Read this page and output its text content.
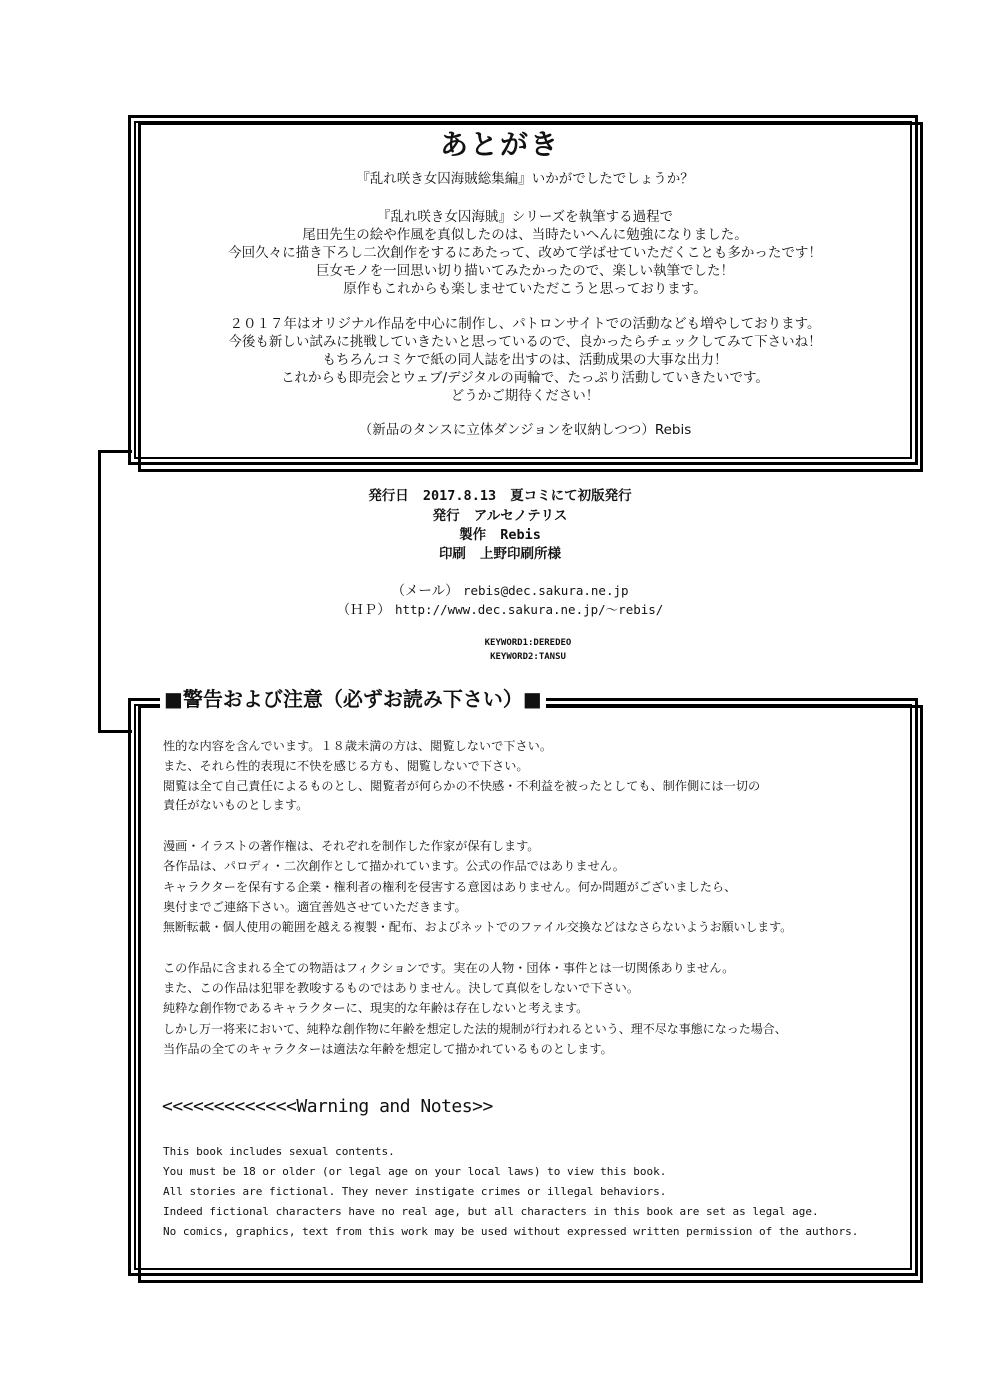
あとがき
『乱れ咲き女囚海賊総集編』いかがでしたでしょうか？
『乱れ咲き女囚海賊』シリーズを執筆する過程で
尾田先生の絵や作風を真似したのは、当時たいへんに勉強になりました。
今回久々に描き下ろし二次創作をするにあたって、改めて学ばせていただくことも多かったです！
巨女モノを一回思い切り描いてみたかったので、楽しい執筆でした！
原作もこれからも楽しませていただこうと思っております。
２０１７年はオリジナル作品を中心に制作し、パトロンサイトでの活動なども増やしております。
今後も新しい試みに挑戦していきたいと思っているので、良かったらチェックしてみて下さいね！
もちろんコミケで紙の同人誌を出すのは、活動成果の大事な出力！
これからも即売会とウェブ/デジタルの両輪で、たっぷり活動していきたいです。
どうかご期待ください！
（新品のタンスに立体ダンジョンを収納しつつ）Rebis
発行日 2017.8.13 夏コミにて初版発行
発行 アルセノテリス
製作 Rebis
印刷 上野印刷所様
（メール） rebis@dec.sakura.ne.jp
（ＨＰ） http://www.dec.sakura.ne.jp/～rebis/
KEYWORD1:DEREDEO
KEYWORD2:TANSU
■警告および注意（必ずお読み下さい）■
性的な内容を含んでいます。１８歳未満の方は、閲覧しないで下さい。
また、それら性的表現に不快を感じる方も、閲覧しないで下さい。
閲覧は全て自己責任によるものとし、閲覧者が何らかの不快感・不利益を被ったとしても、制作側には一切の
責任がないものとします。
漫画・イラストの著作権は、それぞれを制作した作家が保有します。
各作品は、パロディ・二次創作として描かれています。公式の作品ではありません。
キャラクターを保有する企業・権利者の権利を侵害する意図はありません。何か問題がございましたら、
奥付までご連絡下さい。適宜善処させていただきます。
無断転載・個人使用の範囲を越える複製・配布、およびネットでのファイル交換などはなさらないようお願いします。
この作品に含まれる全ての物語はフィクションです。実在の人物・団体・事件とは一切関係ありません。
また、この作品は犯罪を教唆するものではありません。決して真似をしないで下さい。
純粋な創作物であるキャラクターに、現実的な年齢は存在しないと考えます。
しかし万一将来において、純粋な創作物に年齢を想定した法的規制が行われるという、理不尽な事態になった場合、
当作品の全てのキャラクターは適法な年齢を想定して描かれているものとします。
<<<<<<<<<<<<<Warning and Notes>>
This book includes sexual contents.
You must be 18 or older (or legal age on your local laws) to view this book.
All stories are fictional. They never instigate crimes or illegal behaviors.
Indeed fictional characters have no real age, but all characters in this book are set as legal age.
No comics, graphics, text from this work may be used without expressed written permission of the authors.
